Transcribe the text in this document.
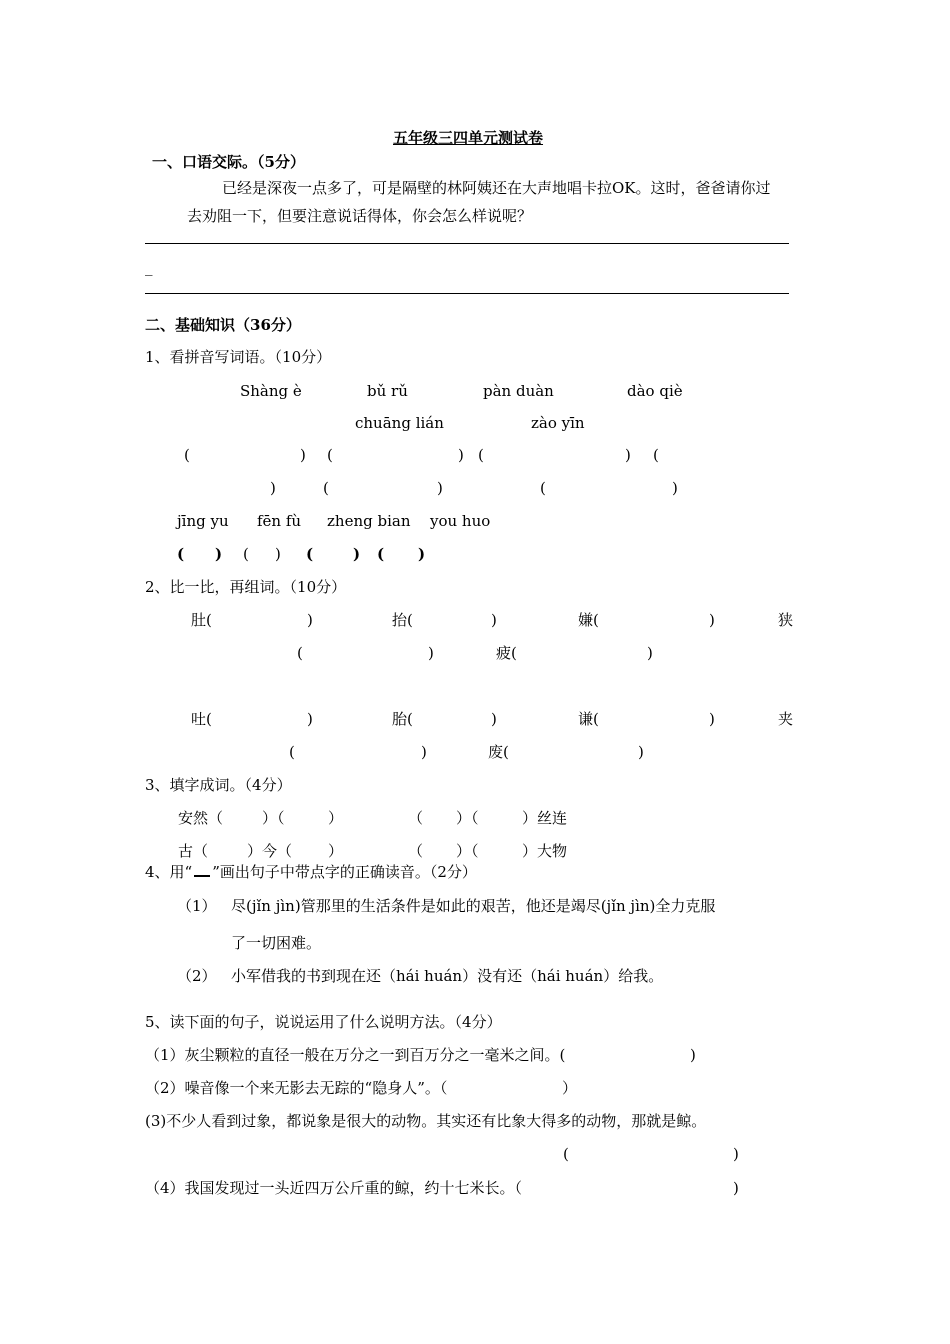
五年级三四单元测试卷
一、口语交际。（5分）
已经是深夜一点多了，可是隔壁的林阿姨还在大声地唱卡拉OK。这时，爸爸请你过
去劝阻一下，但要注意说话得体，你会怎么样说呢？
_
二、基础知识（36分）
1、看拼音写词语。（10分）
Shàng è	bǔ rǔ	pàn duàn	dào qiè
chuāng lián	zào yīn
(	) (	) (	) (
)	(	)	(	)
jīng yu fēn fù zheng bian you huo
( ) ( ) (	) ( )
2、比一比，再组词。（10分）
肚(	)	抬(	)	嫌(	)	狭
(	)	疲(	)
吐(	)	胎(	)	谦(	)	夹
(	)	废(	)
3、填字成词。（4分）
安然（	）（	）	（ ）（	）丝连
古（	）今（ ）	（ ）（	）大物
4、用“ ”画出句子中带点字的正确读音。（2分）
（1） 尽(jǐn jìn)管那里的生活条件是如此的艰苦，他还是竭尽(jǐn jìn)全力克服
了一切困难。
（2） 小军借我的书到现在还（hái huán）没有还（hái huán）给我。
5、读下面的句子，说说运用了什么说明方法。（4分）
（1）灰尘颗粒的直径一般在万分之一到百万分之一毫米之间。(	)
（2）噪音像一个来无影去无踪的“隐身人”。（	）
(3)不少人看到过象，都说象是很大的动物。其实还有比象大得多的动物，那就是鲸。
(	)
（4）我国发现过一头近四万公斤重的鲸，约十七米长。（	)
